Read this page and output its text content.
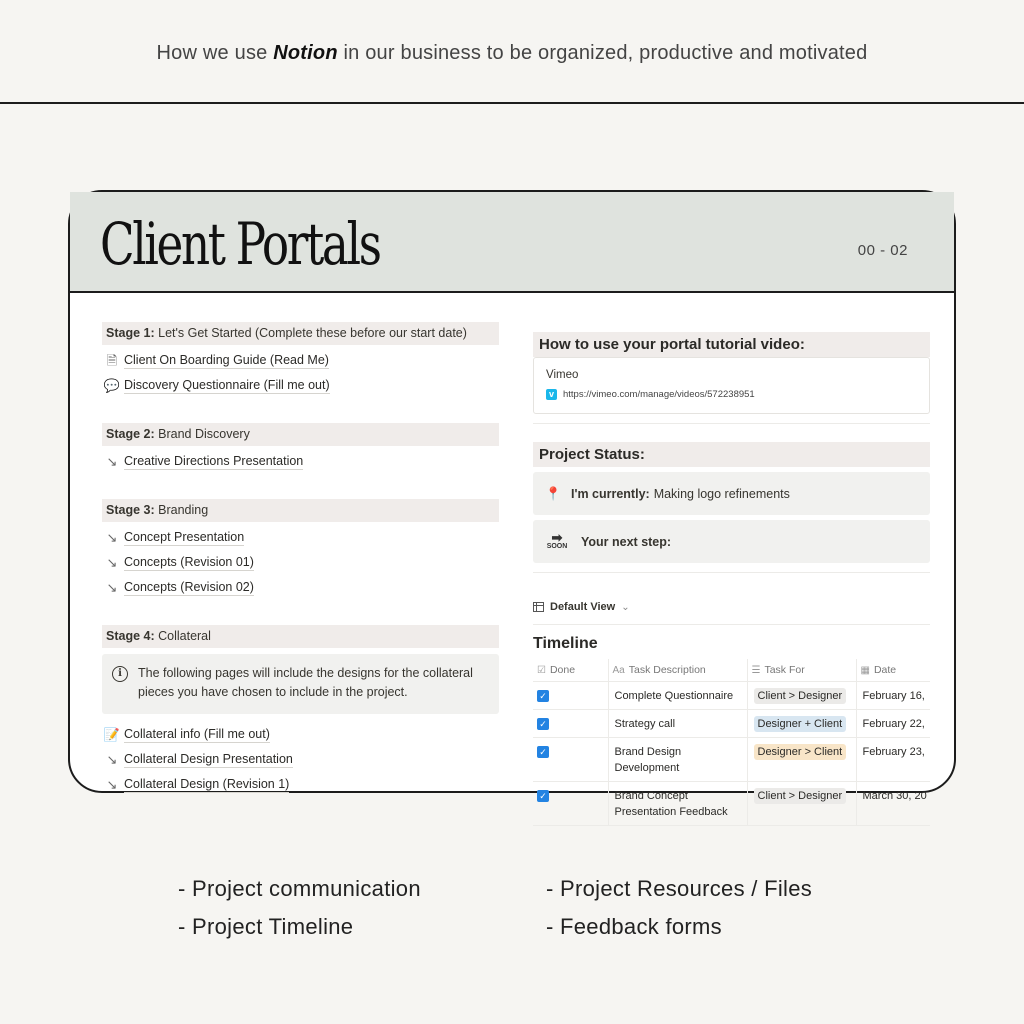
How we use Notion in our business to be organized, productive and motivated
Client Portals	00 - 02
Stage 1: Let's Get Started (Complete these before our start date)
🗎 Client On Boarding Guide (Read Me)
💬 Discovery Questionnaire (Fill me out)
Stage 2: Brand Discovery
↘ Creative Directions Presentation
Stage 3: Branding
↘ Concept Presentation
↘ Concepts (Revision 01)
↘ Concepts (Revision 02)
Stage 4: Collateral
i	The following pages will include the designs for the collateral pieces you have chosen to include in the project.
📝 Collateral info (Fill me out)
↘ Collateral Design Presentation
↘ Collateral Design (Revision 1)
How to use your portal tutorial video:
Vimeo
v https://vimeo.com/manage/videos/572238951
Project Status:
📍 I'm currently: Making logo refinements
➡
SOON Your next step:
Default View ⌄
Timeline
☑ Done	Aa Task Description	☰ Task For	▦ Date

✓	Complete Questionnaire	Client > Designer	February 16,

✓	Strategy call	Designer + Client	February 22,

✓	Brand Design Development	Designer > Client	February 23,

✓	Brand Concept Presentation Feedback	Client > Designer	March 30, 20
- Project communication
- Project Timeline
- Project Resources / Files
- Feedback forms
